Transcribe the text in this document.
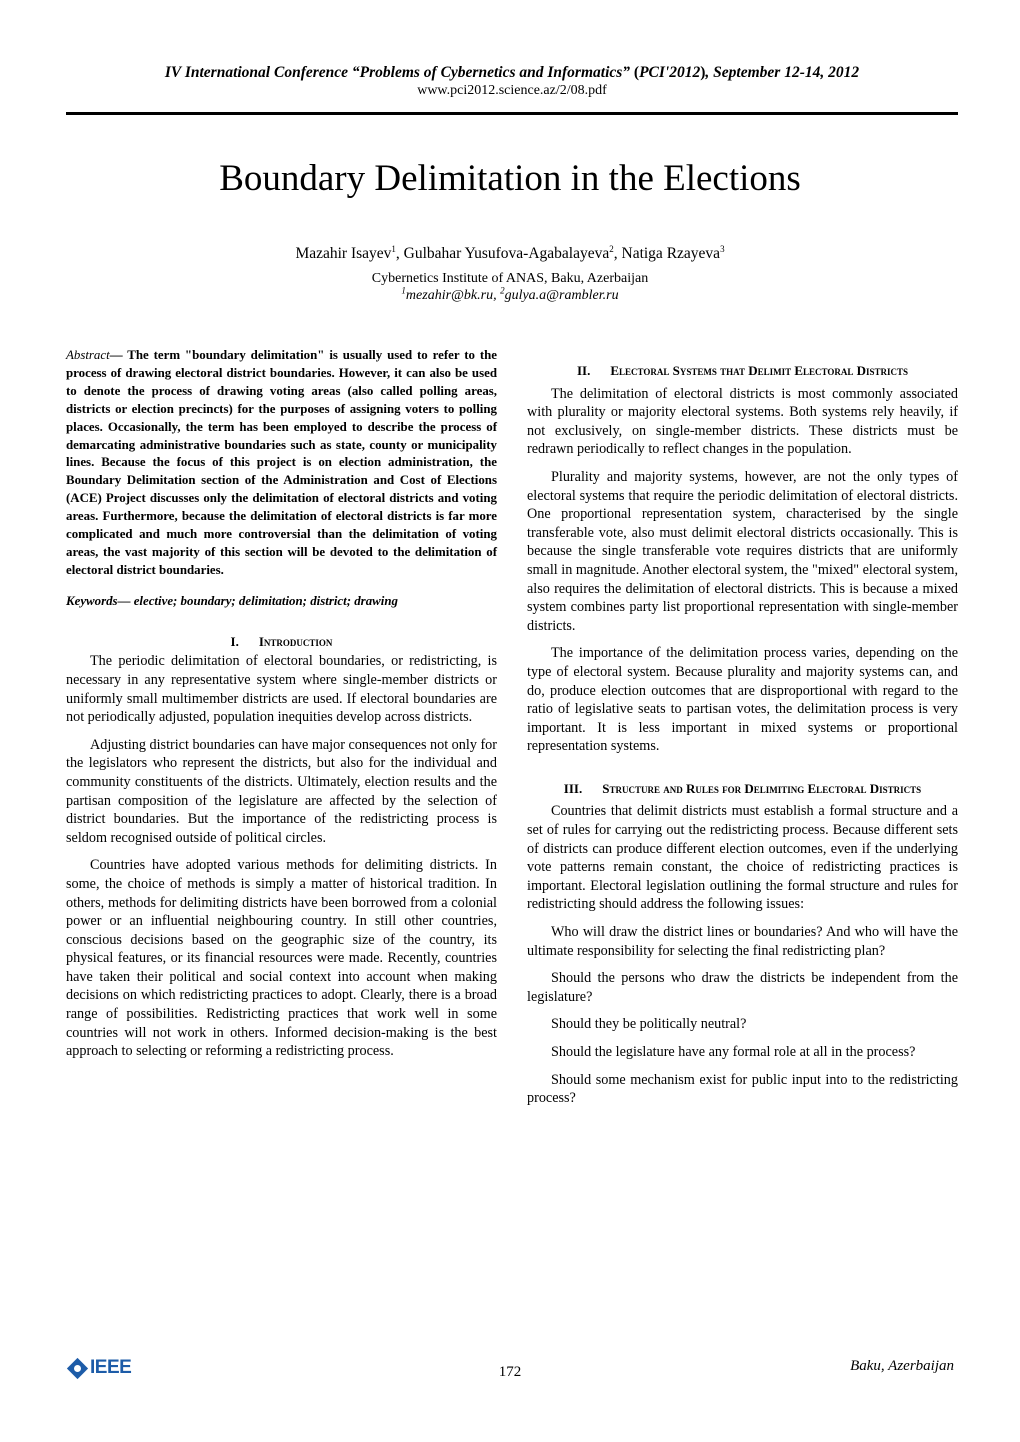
IV International Conference “Problems of Cybernetics and Informatics” (PCI'2012), September 12-14, 2012
www.pci2012.science.az/2/08.pdf
Boundary Delimitation in the Elections
Mazahir Isayev$^1$, Gulbahar Yusufova-Agabalayeva$^2$, Natiga Rzayeva$^3$
Cybernetics Institute of ANAS, Baku, Azerbaijan
$^1$mezahir@bk.ru, $^2$gulya.a@rambler.ru

Abstract— The term "boundary delimitation" is usually used to refer to the process of drawing electoral district boundaries. However, it can also be used to denote the process of drawing voting areas (also called polling areas, districts or election precincts) for the purposes of assigning voters to polling places. Occasionally, the term has been employed to describe the process of demarcating administrative boundaries such as state, county or municipality lines. Because the focus of this project is on election administration, the Boundary Delimitation section of the Administration and Cost of Elections (ACE) Project discusses only the delimitation of electoral districts and voting areas. Furthermore, because the delimitation of electoral districts is far more complicated and much more controversial than the delimitation of voting areas, the vast majority of this section will be devoted to the delimitation of electoral district boundaries.

Keywords— elective; boundary; delimitation; district; drawing

I. Introduction

The periodic delimitation of electoral boundaries, or redistricting, is necessary in any representative system where single-member districts or uniformly small multimember districts are used. If electoral boundaries are not periodically adjusted, population inequities develop across districts.

Adjusting district boundaries can have major consequences not only for the legislators who represent the districts, but also for the individual and community constituents of the districts. Ultimately, election results and the partisan composition of the legislature are affected by the selection of district boundaries. But the importance of the redistricting process is seldom recognised outside of political circles.

Countries have adopted various methods for delimiting districts. In some, the choice of methods is simply a matter of historical tradition. In others, methods for delimiting districts have been borrowed from a colonial power or an influential neighbouring country. In still other countries, conscious decisions based on the geographic size of the country, its physical features, or its financial resources were made. Recently, countries have taken their political and social context into account when making decisions on which redistricting practices to adopt. Clearly, there is a broad range of possibilities. Redistricting practices that work well in some countries will not work in others. Informed decision-making is the best approach to selecting or reforming a redistricting process.

II. Electoral Systems that Delimit Electoral Districts

The delimitation of electoral districts is most commonly associated with plurality or majority electoral systems. Both systems rely heavily, if not exclusively, on single-member districts. These districts must be redrawn periodically to reflect changes in the population.

Plurality and majority systems, however, are not the only types of electoral systems that require the periodic delimitation of electoral districts. One proportional representation system, characterised by the single transferable vote, also must delimit electoral districts occasionally. This is because the single transferable vote requires districts that are uniformly small in magnitude. Another electoral system, the "mixed" electoral system, also requires the delimitation of electoral districts. This is because a mixed system combines party list proportional representation with single-member districts.

The importance of the delimitation process varies, depending on the type of electoral system. Because plurality and majority systems can, and do, produce election outcomes that are disproportional with regard to the ratio of legislative seats to partisan votes, the delimitation process is very important. It is less important in mixed systems or proportional representation systems.

III. Structure and Rules for Delimiting Electoral Districts

Countries that delimit districts must establish a formal structure and a set of rules for carrying out the redistricting process. Because different sets of districts can produce different election outcomes, even if the underlying vote patterns remain constant, the choice of redistricting practices is important. Electoral legislation outlining the formal structure and rules for redistricting should address the following issues:

Who will draw the district lines or boundaries? And who will have the ultimate responsibility for selecting the final redistricting plan?

Should the persons who draw the districts be independent from the legislature?

Should they be politically neutral?

Should the legislature have any formal role at all in the process?

Should some mechanism exist for public input into to the redistricting process?

IEEE	172	Baku, Azerbaijan
